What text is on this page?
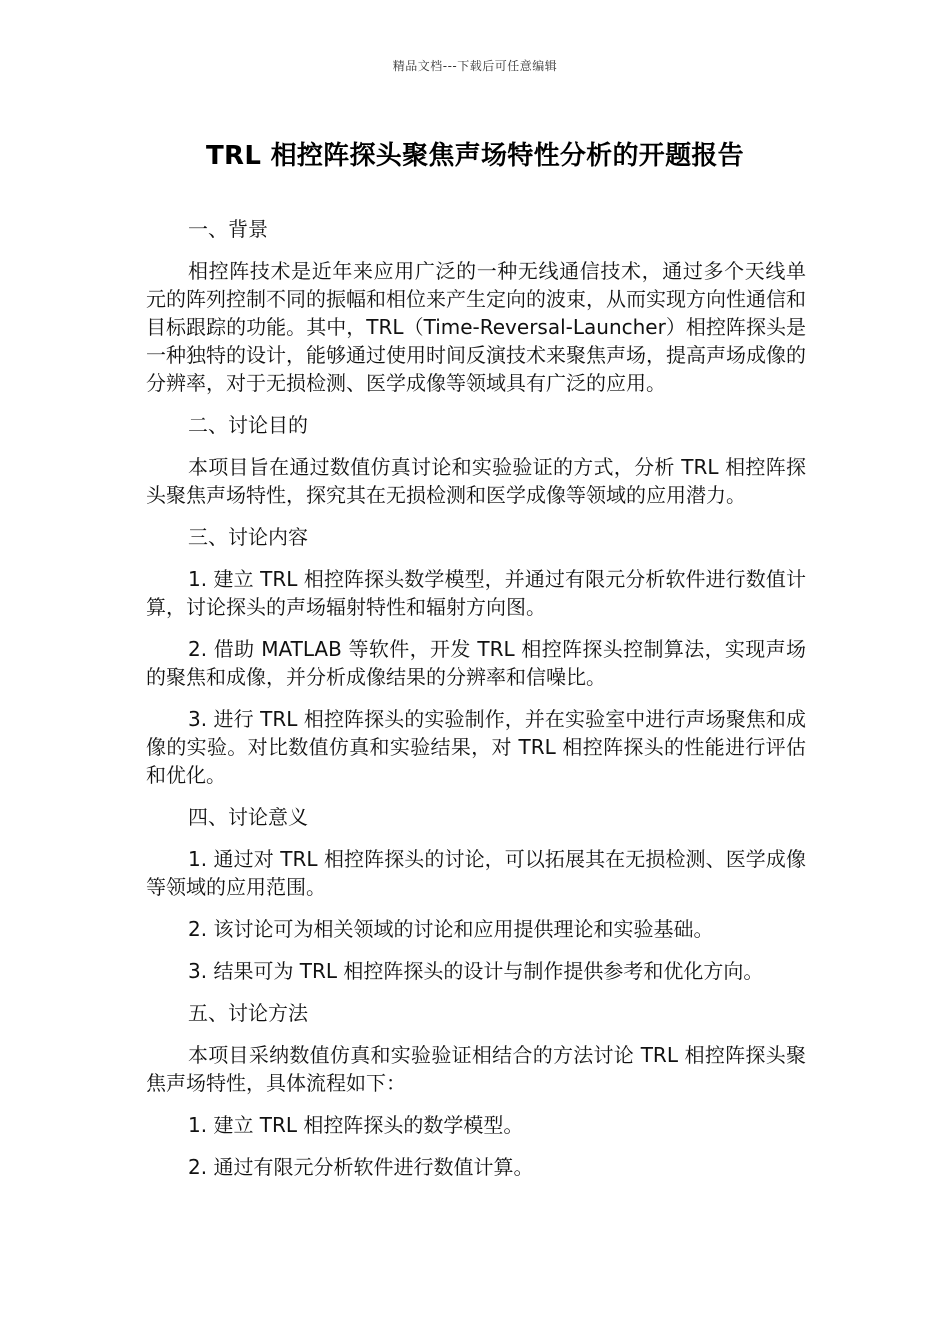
精品文档---下载后可任意编辑
TRL 相控阵探头聚焦声场特性分析的开题报告

一、背景

相控阵技术是近年来应用广泛的一种无线通信技术，通过多个天线单元的阵列控制不同的振幅和相位来产生定向的波束，从而实现方向性通信和目标跟踪的功能。其中，TRL（Time-Reversal-Launcher）相控阵探头是一种独特的设计，能够通过使用时间反演技术来聚焦声场，提高声场成像的分辨率，对于无损检测、医学成像等领域具有广泛的应用。

二、讨论目的

本项目旨在通过数值仿真讨论和实验验证的方式，分析 TRL 相控阵探头聚焦声场特性，探究其在无损检测和医学成像等领域的应用潜力。

三、讨论内容

1. 建立 TRL 相控阵探头数学模型，并通过有限元分析软件进行数值计算，讨论探头的声场辐射特性和辐射方向图。

2. 借助 MATLAB 等软件，开发 TRL 相控阵探头控制算法，实现声场的聚焦和成像，并分析成像结果的分辨率和信噪比。

3. 进行 TRL 相控阵探头的实验制作，并在实验室中进行声场聚焦和成像的实验。对比数值仿真和实验结果，对 TRL 相控阵探头的性能进行评估和优化。

四、讨论意义

1. 通过对 TRL 相控阵探头的讨论，可以拓展其在无损检测、医学成像等领域的应用范围。

2. 该讨论可为相关领域的讨论和应用提供理论和实验基础。

3. 结果可为 TRL 相控阵探头的设计与制作提供参考和优化方向。

五、讨论方法

本项目采纳数值仿真和实验验证相结合的方法讨论 TRL 相控阵探头聚焦声场特性，具体流程如下：

1. 建立 TRL 相控阵探头的数学模型。

2. 通过有限元分析软件进行数值计算。
